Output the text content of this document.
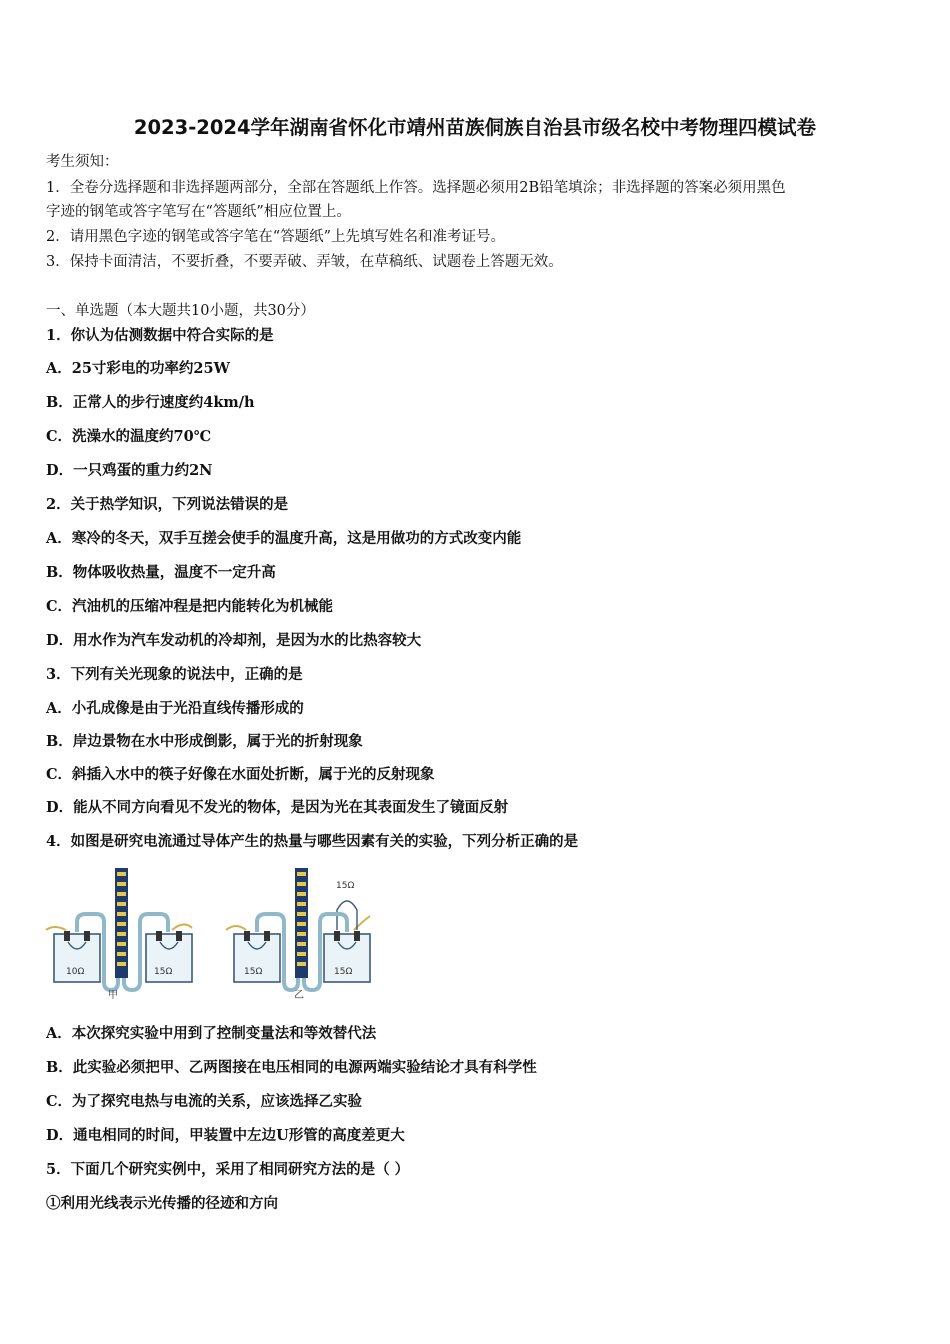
2023-2024学年湖南省怀化市靖州苗族侗族自治县市级名校中考物理四模试卷
考生须知：
1．全卷分选择题和非选择题两部分，全部在答题纸上作答。选择题必须用2B铅笔填涂；非选择题的答案必须用黑色
字迹的钢笔或答字笔写在“答题纸”相应位置上。
2．请用黑色字迹的钢笔或答字笔在“答题纸”上先填写姓名和准考证号。
3．保持卡面清洁，不要折叠，不要弄破、弄皱，在草稿纸、试题卷上答题无效。
一、单选题（本大题共10小题，共30分）
1．你认为估测数据中符合实际的是
A．25寸彩电的功率约25W
B．正常人的步行速度约4km/h
C．洗澡水的温度约70℃
D．一只鸡蛋的重力约2N
2．关于热学知识，下列说法错误的是
A．寒冷的冬天，双手互搓会使手的温度升高，这是用做功的方式改变内能
B．物体吸收热量，温度不一定升高
C．汽油机的压缩冲程是把内能转化为机械能
D．用水作为汽车发动机的冷却剂，是因为水的比热容较大
3．下列有关光现象的说法中，正确的是
A．小孔成像是由于光沿直线传播形成的
B．岸边景物在水中形成倒影，属于光的折射现象
C．斜插入水中的筷子好像在水面处折断，属于光的反射现象
D．能从不同方向看见不发光的物体，是因为光在其表面发生了镜面反射
4．如图是研究电流通过导体产生的热量与哪些因素有关的实验，下列分析正确的是
10Ω	15Ω
甲
15Ω	15Ω
15Ω
乙
A．本次探究实验中用到了控制变量法和等效替代法
B．此实验必须把甲、乙两图接在电压相同的电源两端实验结论才具有科学性
C．为了探究电热与电流的关系，应该选择乙实验
D．通电相同的时间，甲装置中左边U形管的高度差更大
5．下面几个研究实例中，采用了相同研究方法的是（ ）
①利用光线表示光传播的径迹和方向
